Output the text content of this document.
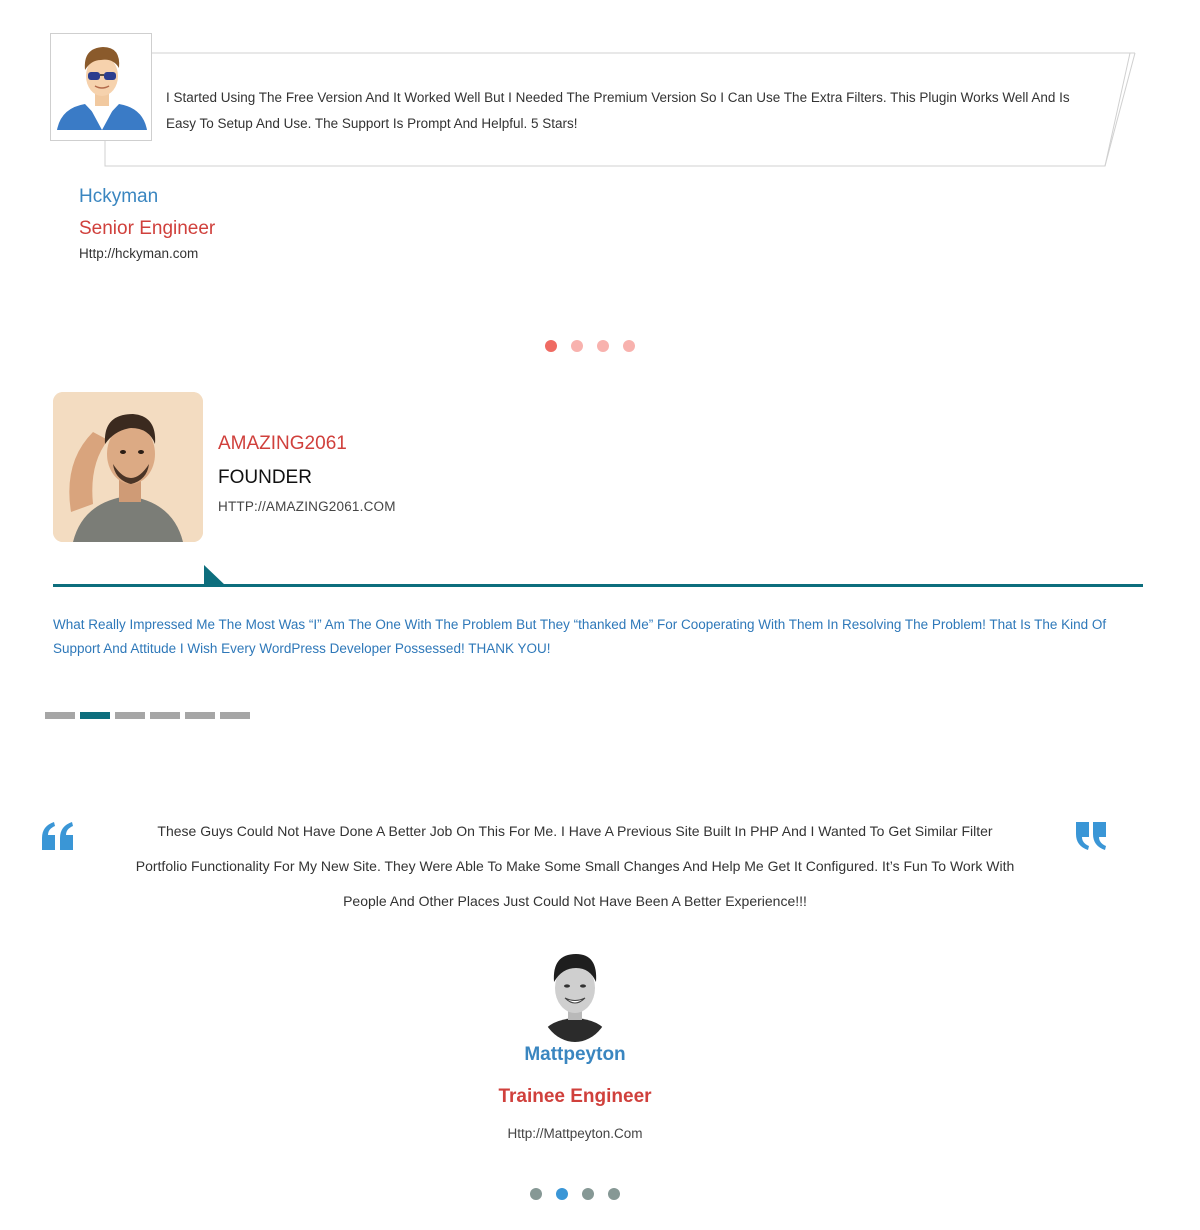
I Started Using The Free Version And It Worked Well But I Needed The Premium Version So I Can Use The Extra Filters. This Plugin Works Well And Is Easy To Setup And Use. The Support Is Prompt And Helpful. 5 Stars!

Hckyman
Senior Engineer
Http://hckyman.com
AMAZING2061
FOUNDER
HTTP://AMAZING2061.COM

What Really Impressed Me The Most Was “I” Am The One With The Problem But They “thanked Me” For Cooperating With Them In Resolving The Problem! That Is The Kind Of Support And Attitude I Wish Every WordPress Developer Possessed! THANK YOU!

These Guys Could Not Have Done A Better Job On This For Me. I Have A Previous Site Built In PHP And I Wanted To Get Similar Filter Portfolio Functionality For My New Site. They Were Able To Make Some Small Changes And Help Me Get It Configured. It’s Fun To Work With People And Other Places Just Could Not Have Been A Better Experience!!!

Mattpeyton
Trainee Engineer
Http://Mattpeyton.Com
